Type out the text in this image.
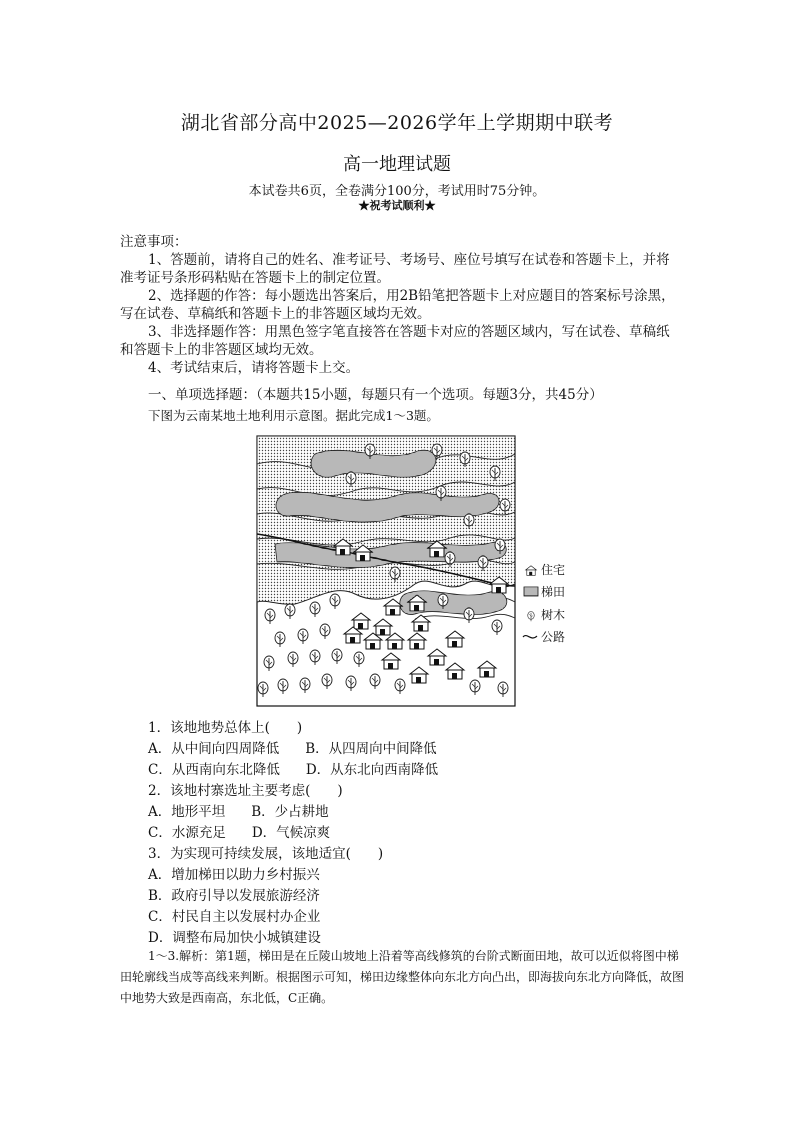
湖北省部分高中2025—2026学年上学期期中联考
高一地理试题
本试卷共6页，全卷满分100分，考试用时75分钟。
★祝考试顺利★

注意事项：

1、答题前，请将自己的姓名、准考证号、考场号、座位号填写在试卷和答题卡上，并将准考证号条形码粘贴在答题卡上的制定位置。

2、选择题的作答：每小题选出答案后，用2B铅笔把答题卡上对应题目的答案标号涂黑，写在试卷、草稿纸和答题卡上的非答题区域均无效。

3、非选择题作答：用黑色签字笔直接答在答题卡对应的答题区域内，写在试卷、草稿纸和答题卡上的非答题区域均无效。

4、考试结束后，请将答题卡上交。

一、单项选择题：（本题共15小题，每题只有一个选项。每题3分，共45分）
下图为云南某地土地利用示意图。据此完成1～3题。
住宅
梯田
树木
公路

1．该地地势总体上(　　)

A．从中间向四周降低 B．从四周向中间降低

C．从西南向东北降低 D．从东北向西南降低

2．该地村寨选址主要考虑(　　)

A．地形平坦 B．少占耕地

C．水源充足 D．气候凉爽

3．为实现可持续发展，该地适宜(　　)

A．增加梯田以助力乡村振兴

B．政府引导以发展旅游经济

C．村民自主以发展村办企业

D．调整布局加快小城镇建设

1～3.解析：第1题，梯田是在丘陵山坡地上沿着等高线修筑的台阶式断面田地，故可以近似将图中梯田轮廓线当成等高线来判断。根据图示可知，梯田边缘整体向东北方向凸出，即海拔向东北方向降低，故图中地势大致是西南高，东北低，C正确。
